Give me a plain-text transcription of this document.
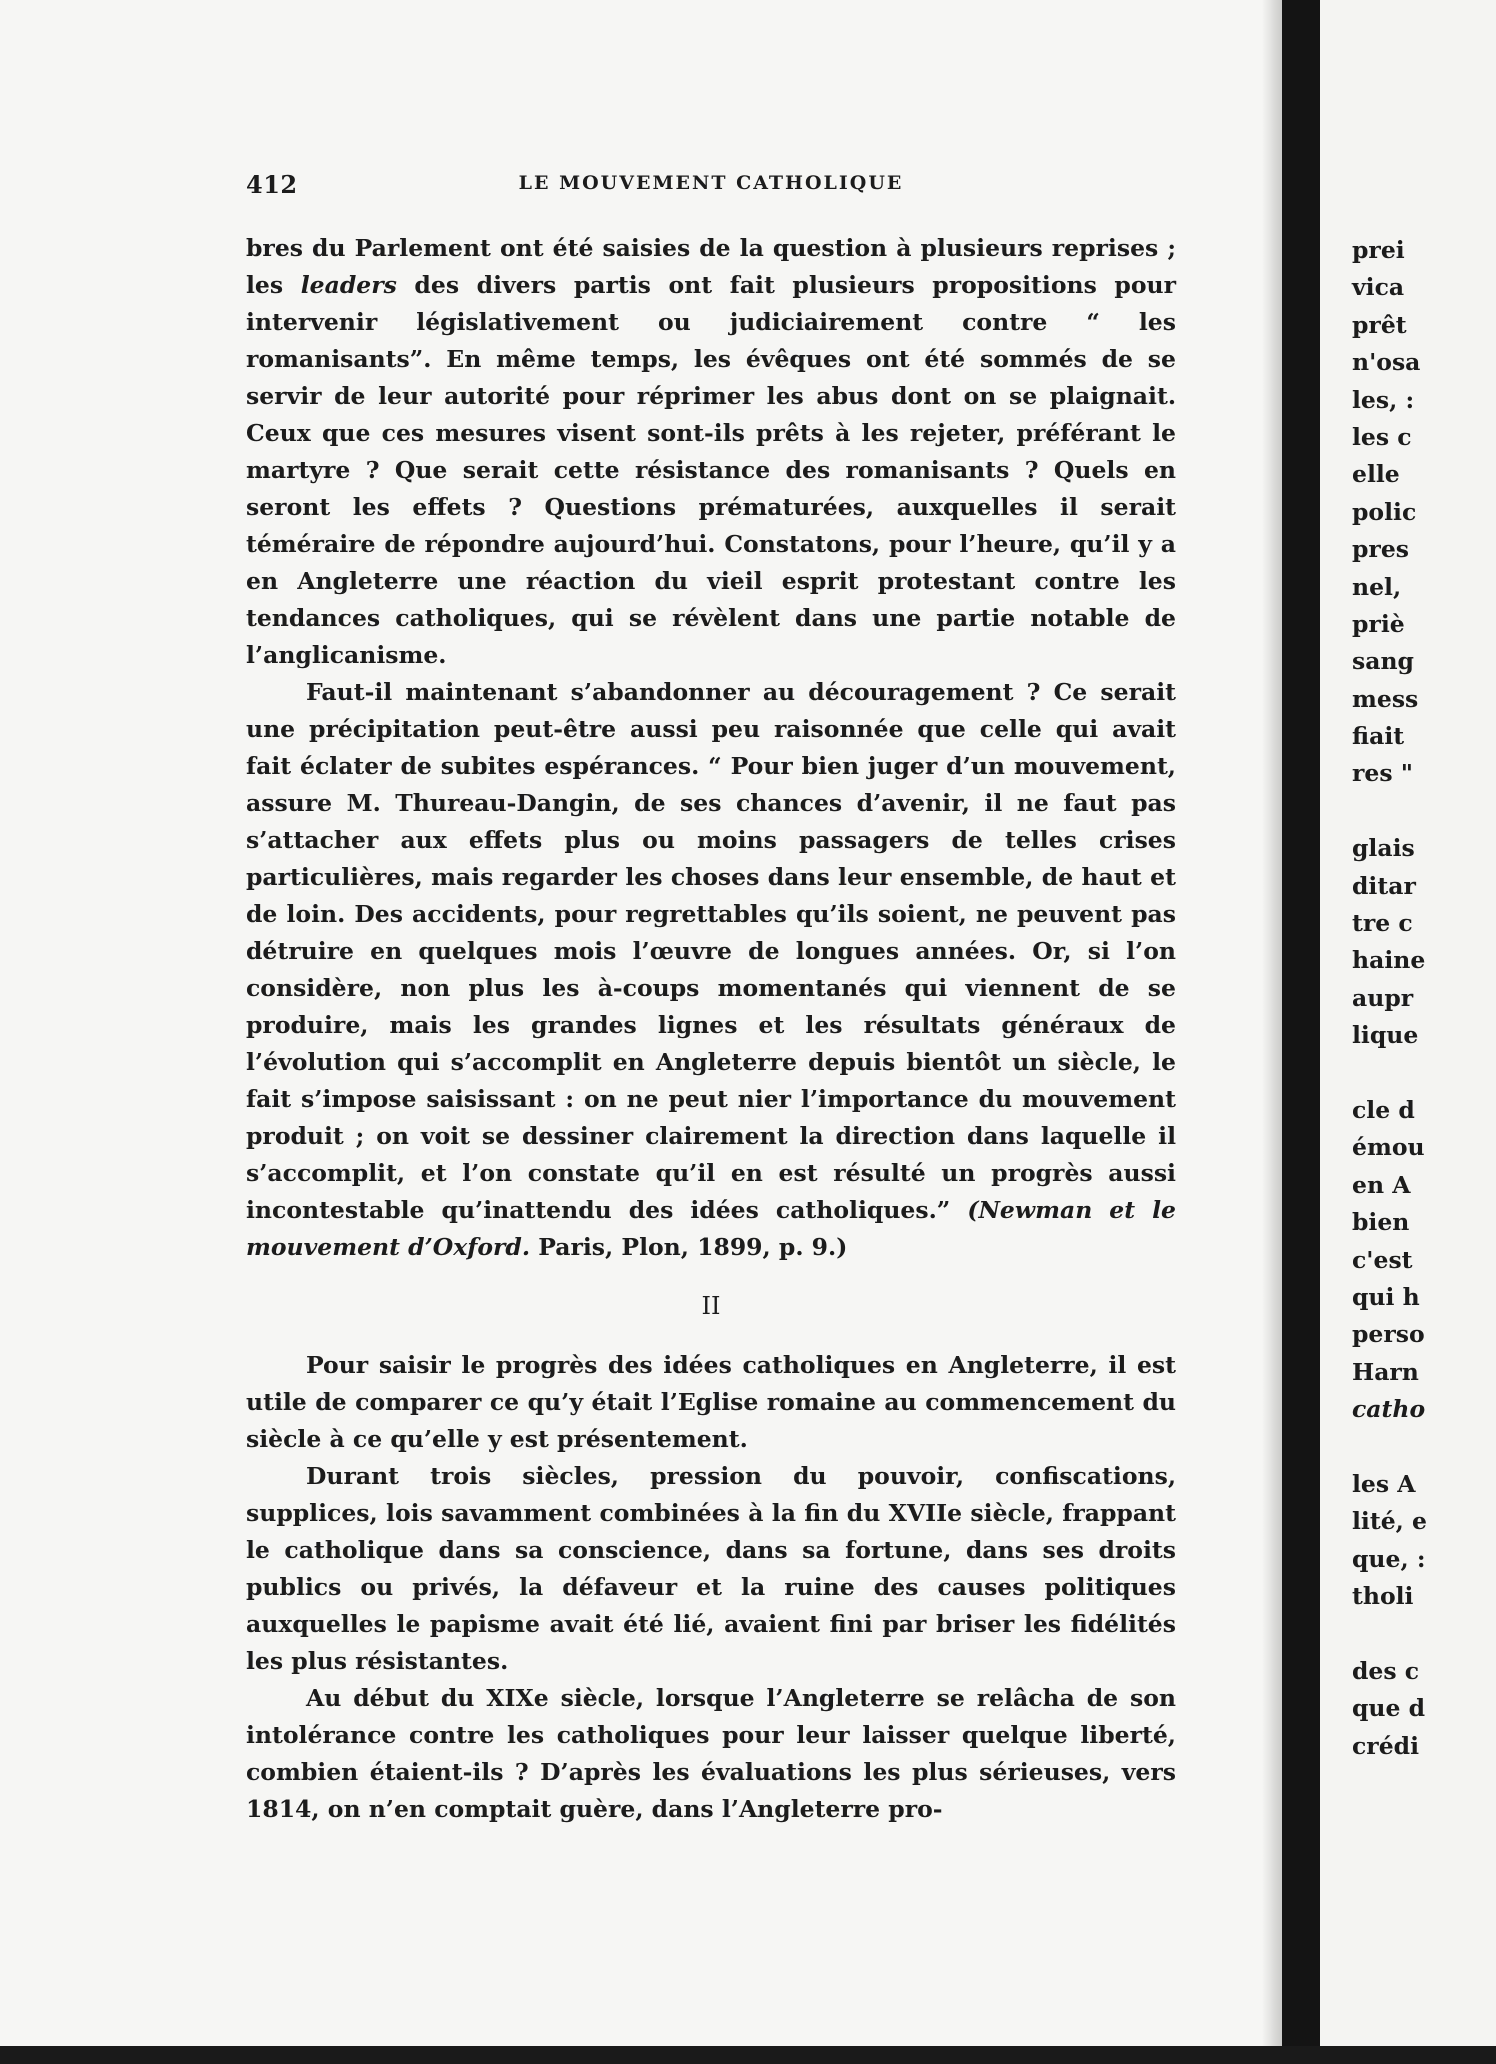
412	LE MOUVEMENT CATHOLIQUE

bres du Parlement ont été saisies de la question à plusieurs reprises ; les leaders des divers partis ont fait plusieurs propositions pour intervenir législativement ou judiciairement contre “ les romanisants”. En même temps, les évêques ont été sommés de se servir de leur autorité pour réprimer les abus dont on se plaignait. Ceux que ces mesures visent sont-ils prêts à les rejeter, préférant le martyre ? Que serait cette résistance des romanisants ? Quels en seront les effets ? Questions prématurées, auxquelles il serait téméraire de répondre aujourd’hui. Constatons, pour l’heure, qu’il y a en Angleterre une réaction du vieil esprit protestant contre les tendances catholiques, qui se révèlent dans une partie notable de l’anglicanisme.

Faut-il maintenant s’abandonner au découragement ? Ce serait une précipitation peut-être aussi peu raisonnée que celle qui avait fait éclater de subites espérances. “ Pour bien juger d’un mouvement, assure M. Thureau-Dangin, de ses chances d’avenir, il ne faut pas s’attacher aux effets plus ou moins passagers de telles crises particulières, mais regarder les choses dans leur ensemble, de haut et de loin. Des accidents, pour regrettables qu’ils soient, ne peuvent pas détruire en quelques mois l’œuvre de longues années. Or, si l’on considère, non plus les à-coups momentanés qui viennent de se produire, mais les grandes lignes et les résultats généraux de l’évolution qui s’accomplit en Angleterre depuis bientôt un siècle, le fait s’impose saisissant : on ne peut nier l’importance du mouvement produit ; on voit se dessiner clairement la direction dans laquelle il s’accomplit, et l’on constate qu’il en est résulté un progrès aussi incontestable qu’inattendu des idées catholiques.” (Newman et le mouvement d’Oxford. Paris, Plon, 1899, p. 9.)

II

Pour saisir le progrès des idées catholiques en Angleterre, il est utile de comparer ce qu’y était l’Eglise romaine au commencement du siècle à ce qu’elle y est présentement.

Durant trois siècles, pression du pouvoir, confiscations, supplices, lois savamment combinées à la fin du XVIIe siècle, frappant le catholique dans sa conscience, dans sa fortune, dans ses droits publics ou privés, la défaveur et la ruine des causes politiques auxquelles le papisme avait été lié, avaient fini par briser les fidélités les plus résistantes.

Au début du XIXe siècle, lorsque l’Angleterre se relâcha de son intolérance contre les catholiques pour leur laisser quelque liberté, combien étaient-ils ? D’après les évaluations les plus sérieuses, vers 1814, on n’en comptait guère, dans l’Angleterre pro-

prei
vica
prêt
n'osa
les, :
les c
elle
polic
pres
nel,
priè
sang
mess
fiait
res "
glais
ditar
tre c
haine
aupr
lique
cle d
émou
en A
bien
c'est
qui h
perso
Harn
catho
les A
lité, e
que, :
tholi
des c
que d
crédi
